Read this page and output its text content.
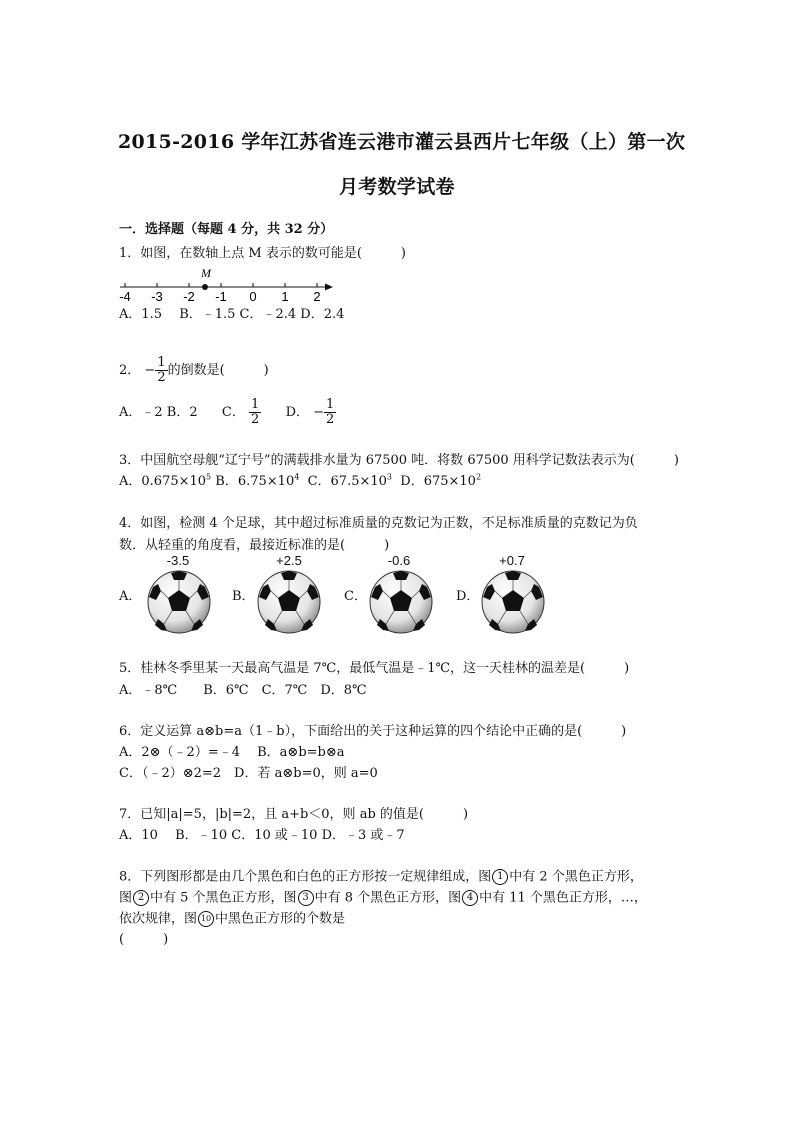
2015-2016 学年江苏省连云港市灌云县西片七年级（上）第一次
月考数学试卷
一．选择题（每题 4 分，共 32 分）
1．如图，在数轴上点 M 表示的数可能是(　　　)
-4 -3 -2 -1 0 1 2
M
A．1.5　 B．﹣1.5 C．﹣2.4 D．2.4
2． − $\frac{1}{2}$ 的倒数是(　　　)
A．﹣2 B．2 C． $\frac{1}{2}$ D． − $\frac{1}{2}$
3．中国航空母舰“辽宁号”的满载排水量为 67500 吨．将数 67500 用科学记数法表示为(　　　)
A．$0.675\times 10^5$ B．$6.75\times 10^4$ C．$67.5\times 10^3$ D．$675\times 10^2$
4．如图，检测 4 个足球，其中超过标准质量的克数记为正数，不足标准质量的克数记为负
数．从轻重的角度看，最接近标准的是(　　　)
-3.5
A．
+2.5
B．
-0.6
C．
+0.7
D．
5．桂林冬季里某一天最高气温是 7℃，最低气温是﹣1℃，这一天桂林的温差是(　　　)
A．﹣8℃　　B．6℃　C．7℃　D．8℃
6．定义运算 a⊗b=a（1﹣b），下面给出的关于这种运算的四个结论中正确的是(　　　)
A．2⊗（﹣2）=﹣4　 B．a⊗b=b⊗a
C．（﹣2）⊗2=2　D．若 a⊗b=0，则 a=0
7．已知|a|=5，|b|=2，且 a+b＜0，则 ab 的值是(　　　)
A．10　 B．﹣10 C．10 或﹣10 D．﹣3 或﹣7
8．下列图形都是由几个黑色和白色的正方形按一定规律组成，图 1 中有 2 个黑色正方形，
图 2 中有 5 个黑色正方形，图 3 中有 8 个黑色正方形，图 4 中有 11 个黑色正方形，…，
依次规律，图 10 中黑色正方形的个数是
(　　　)
